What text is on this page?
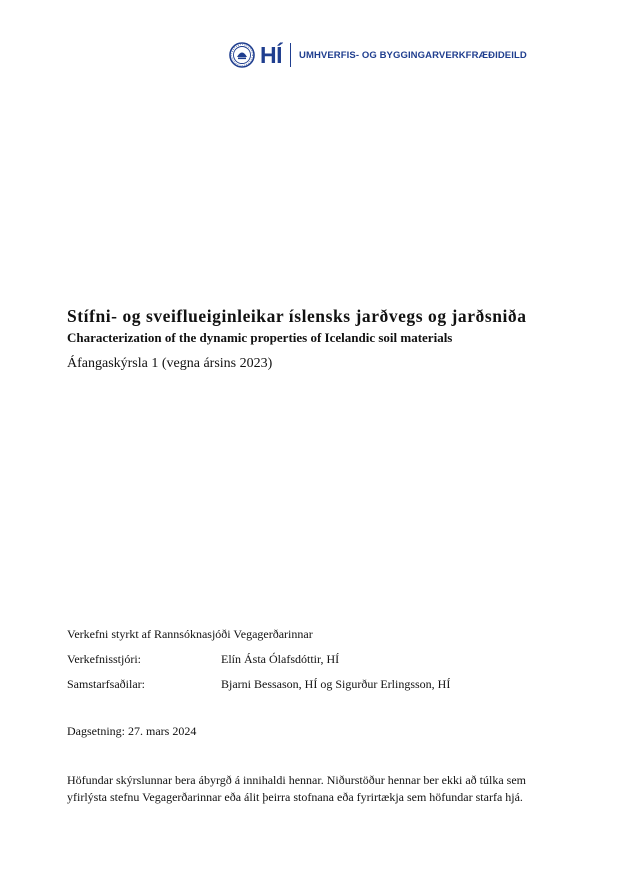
HÍ UMHVERFIS- OG BYGGINGARVERKFRÆÐIDEILD
Stífni- og sveiflueiginleikar íslensks jarðvegs og jarðsniða
Characterization of the dynamic properties of Icelandic soil materials
Áfangaskýrsla 1 (vegna ársins 2023)
Verkefni styrkt af Rannsóknasjóði Vegagerðarinnar
Verkefnisstjóri:	Elín Ásta Ólafsdóttir, HÍ
Samstarfsaðilar:	Bjarni Bessason, HÍ og Sigurður Erlingsson, HÍ
Dagsetning: 27. mars 2024
Höfundar skýrslunnar bera ábyrgð á innihaldi hennar. Niðurstöður hennar ber ekki að túlka sem
yfirlýsta stefnu Vegagerðarinnar eða álit þeirra stofnana eða fyrirtækja sem höfundar starfa hjá.
